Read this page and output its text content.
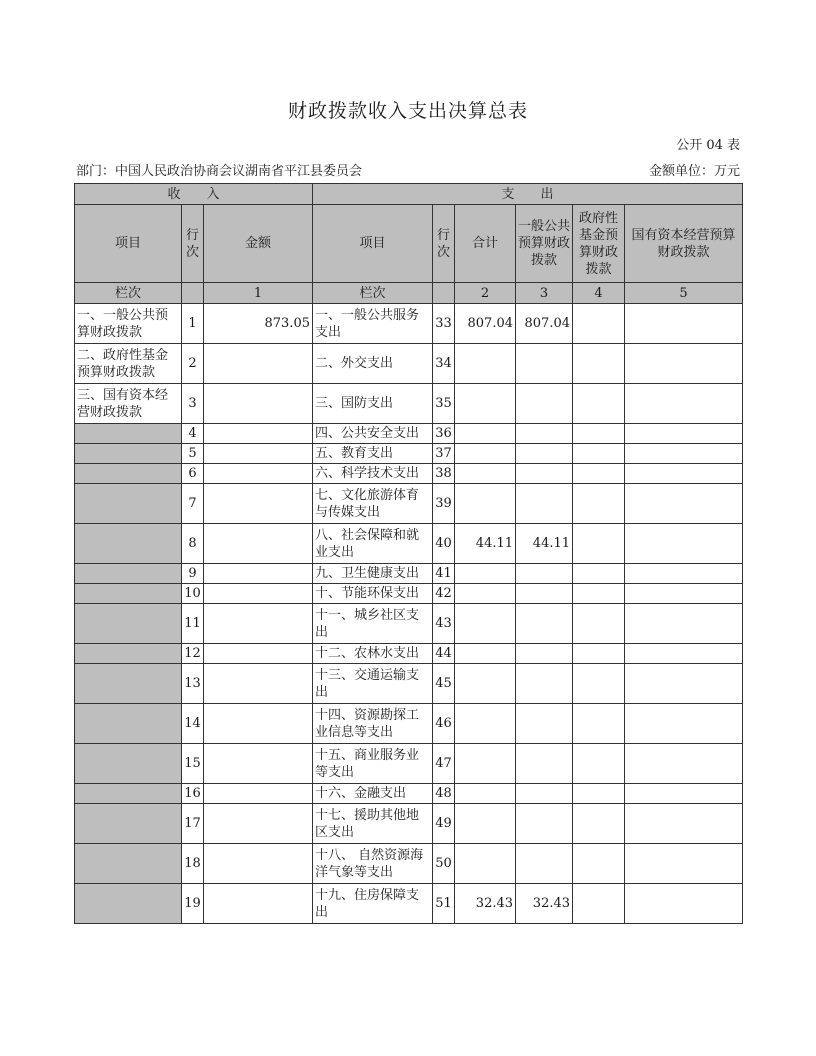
财政拨款收入支出决算总表
公开 04 表
部门：中国人民政治协商会议湖南省平江县委员会	金额单位：万元
收　　入			支　　出					
项目	行次	金额	项目	行次	合计	一般公共预算财政拨款	政府性基金预算财政拨款	国有资本经营预算财政拨款
栏次		1	栏次		2	3	4	5
一、一般公共预算财政拨款	1	873.05	一、一般公共服务支出	33	807.04	807.04		
二、政府性基金预算财政拨款	2		二、外交支出	34				
三、国有资本经营财政拨款	3		三、国防支出	35				
	4		四、公共安全支出	36				
	5		五、教育支出	37				
	6		六、科学技术支出	38				
	7		七、文化旅游体育与传媒支出	39				
	8		八、社会保障和就业支出	40	44.11	44.11		
	9		九、卫生健康支出	41				
	10		十、节能环保支出	42				
	11		十一、城乡社区支出	43				
	12		十二、农林水支出	44				
	13		十三、交通运输支出	45				
	14		十四、资源勘探工业信息等支出	46				
	15		十五、商业服务业等支出	47				
	16		十六、金融支出	48				
	17		十七、援助其他地区支出	49				
	18		十八、 自然资源海洋气象等支出	50				
	19		十九、住房保障支出	51	32.43	32.43		
